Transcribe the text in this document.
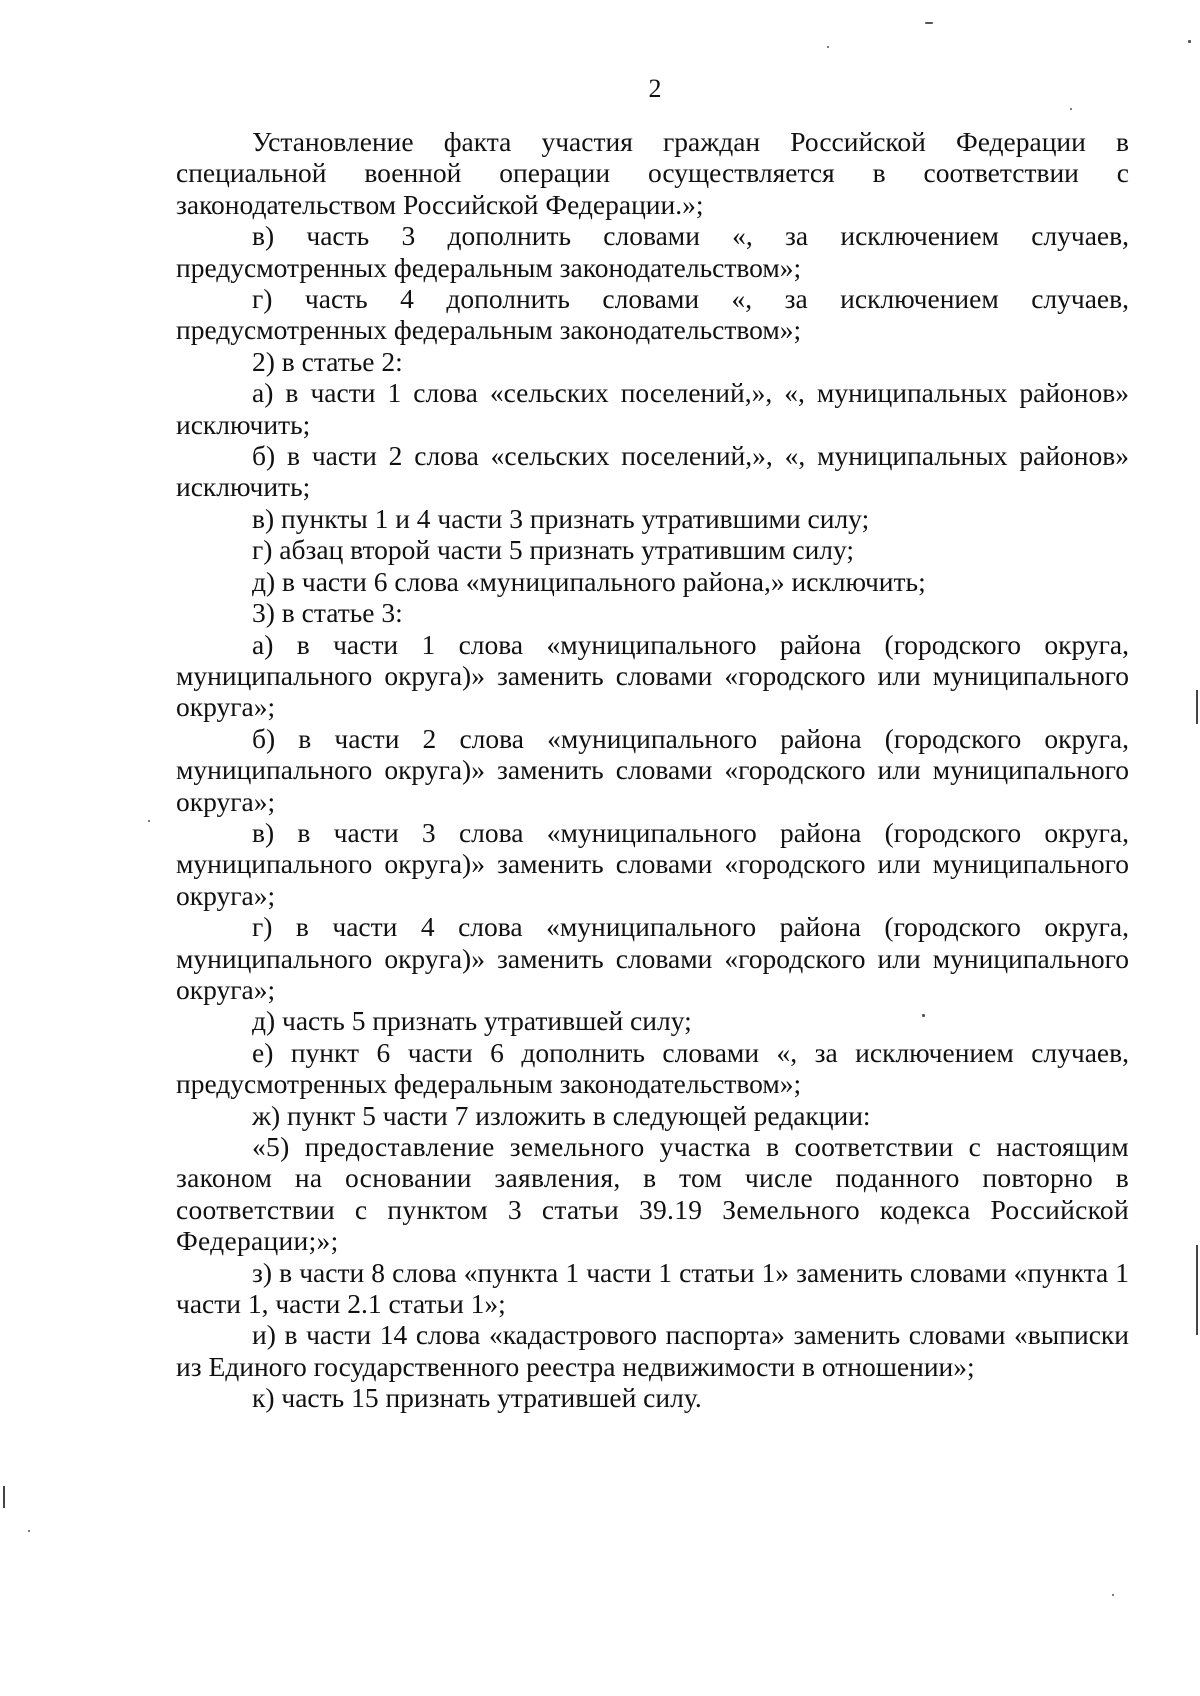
2

Установление факта участия граждан Российской Федерации в специальной военной операции осуществляется в соответствии с законодательством Российской Федерации.»;

в) часть 3 дополнить словами «, за исключением случаев, предусмотренных федеральным законодательством»;

г) часть 4 дополнить словами «, за исключением случаев, предусмотренных федеральным законодательством»;

2) в статье 2:

а) в части 1 слова «сельских поселений,», «, муниципальных районов» исключить;

б) в части 2 слова «сельских поселений,», «, муниципальных районов» исключить;

в) пункты 1 и 4 части 3 признать утратившими силу;

г) абзац второй части 5 признать утратившим силу;

д) в части 6 слова «муниципального района,» исключить;

3) в статье 3:

а) в части 1 слова «муниципального района (городского округа, муниципального округа)» заменить словами «городского или муниципального округа»;

б) в части 2 слова «муниципального района (городского округа, муниципального округа)» заменить словами «городского или муниципального округа»;

в) в части 3 слова «муниципального района (городского округа, муниципального округа)» заменить словами «городского или муниципального округа»;

г) в части 4 слова «муниципального района (городского округа, муниципального округа)» заменить словами «городского или муниципального округа»;

д) часть 5 признать утратившей силу;

е) пункт 6 части 6 дополнить словами «, за исключением случаев, предусмотренных федеральным законодательством»;

ж) пункт 5 части 7 изложить в следующей редакции:

«5) предоставление земельного участка в соответствии с настоящим законом на основании заявления, в том числе поданного повторно в соответствии с пунктом 3 статьи 39.19 Земельного кодекса Российской Федерации;»;

з) в части 8 слова «пункта 1 части 1 статьи 1» заменить словами «пункта 1 части 1, части 2.1 статьи 1»;

и) в части 14 слова «кадастрового паспорта» заменить словами «выписки из Единого государственного реестра недвижимости в отношении»;

к) часть 15 признать утратившей силу.
